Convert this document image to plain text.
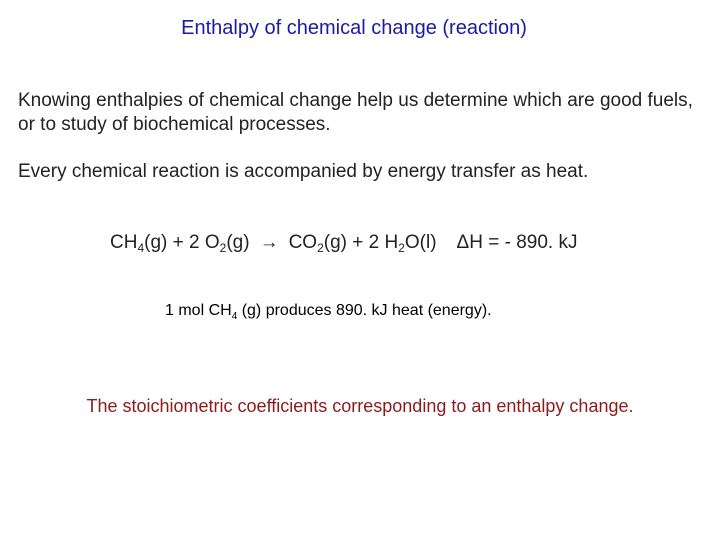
Enthalpy of chemical change (reaction)
Knowing enthalpies of chemical change help us determine which are good fuels, or to study of biochemical processes.
Every chemical reaction is accompanied by energy transfer as heat.
$CH_4(g) + 2$ $O_2(g) \to CO_2(g) + 2$ $H_2O(l) \Delta H$ = - 890. kJ
1 mol $CH_4$ (g) produces 890. kJ heat (energy).
The stoichiometric coefficients corresponding to an enthalpy change.
